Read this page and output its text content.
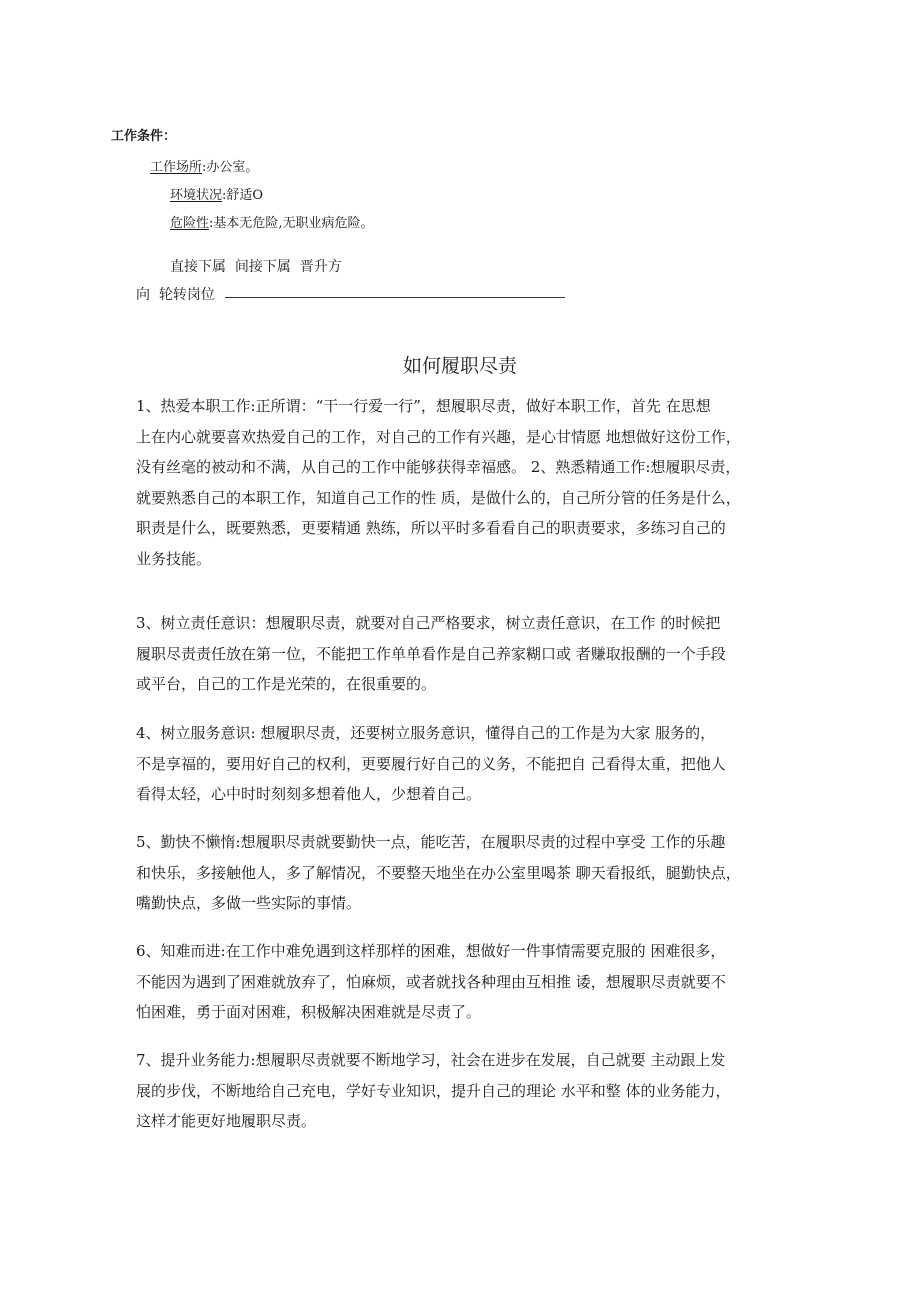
工作条件：
工作场所:办公室。
环境状况:舒适O
危险性:基本无危险,无职业病危险。
直接下属  间接下属  晋升方
向  轮转岗位
如何履职尽责
1、热爱本职工作:正所谓：“干一行爱一行”，想履职尽责，做好本职工作，首先 在思想
上在内心就要喜欢热爱自己的工作，对自己的工作有兴趣，是心甘情愿 地想做好这份工作，
没有丝毫的被动和不满，从自己的工作中能够获得幸福感。 2、熟悉精通工作:想履职尽责，
就要熟悉自己的本职工作，知道自己工作的性 质，是做什么的，自己所分管的任务是什么，
职责是什么，既要熟悉，更要精通 熟练，所以平时多看看自己的职责要求，多练习自己的
业务技能。
3、树立责任意识：想履职尽责，就要对自己严格要求，树立责任意识，在工作 的时候把
履职尽责责任放在第一位，不能把工作单单看作是自己养家糊口或 者赚取报酬的一个手段
或平台，自己的工作是光荣的，在很重要的。
4、树立服务意识: 想履职尽责，还要树立服务意识，懂得自己的工作是为大家 服务的，
不是享福的，要用好自己的权利，更要履行好自己的义务，不能把自 己看得太重，把他人
看得太轻，心中时时刻刻多想着他人，少想着自己。
5、勤快不懒惰:想履职尽责就要勤快一点，能吃苦，在履职尽责的过程中享受 工作的乐趣
和快乐，多接触他人，多了解情况，不要整天地坐在办公室里喝茶 聊天看报纸，腿勤快点，
嘴勤快点，多做一些实际的事情。
6、知难而进:在工作中难免遇到这样那样的困难，想做好一件事情需要克服的 困难很多，
不能因为遇到了困难就放弃了，怕麻烦，或者就找各种理由互相推 诿，想履职尽责就要不
怕困难，勇于面对困难，积极解决困难就是尽责了。
7、提升业务能力:想履职尽责就要不断地学习，社会在进步在发展，自己就要 主动跟上发
展的步伐，不断地给自己充电，学好专业知识，提升自己的理论 水平和整 体的业务能力，
这样才能更好地履职尽责。
